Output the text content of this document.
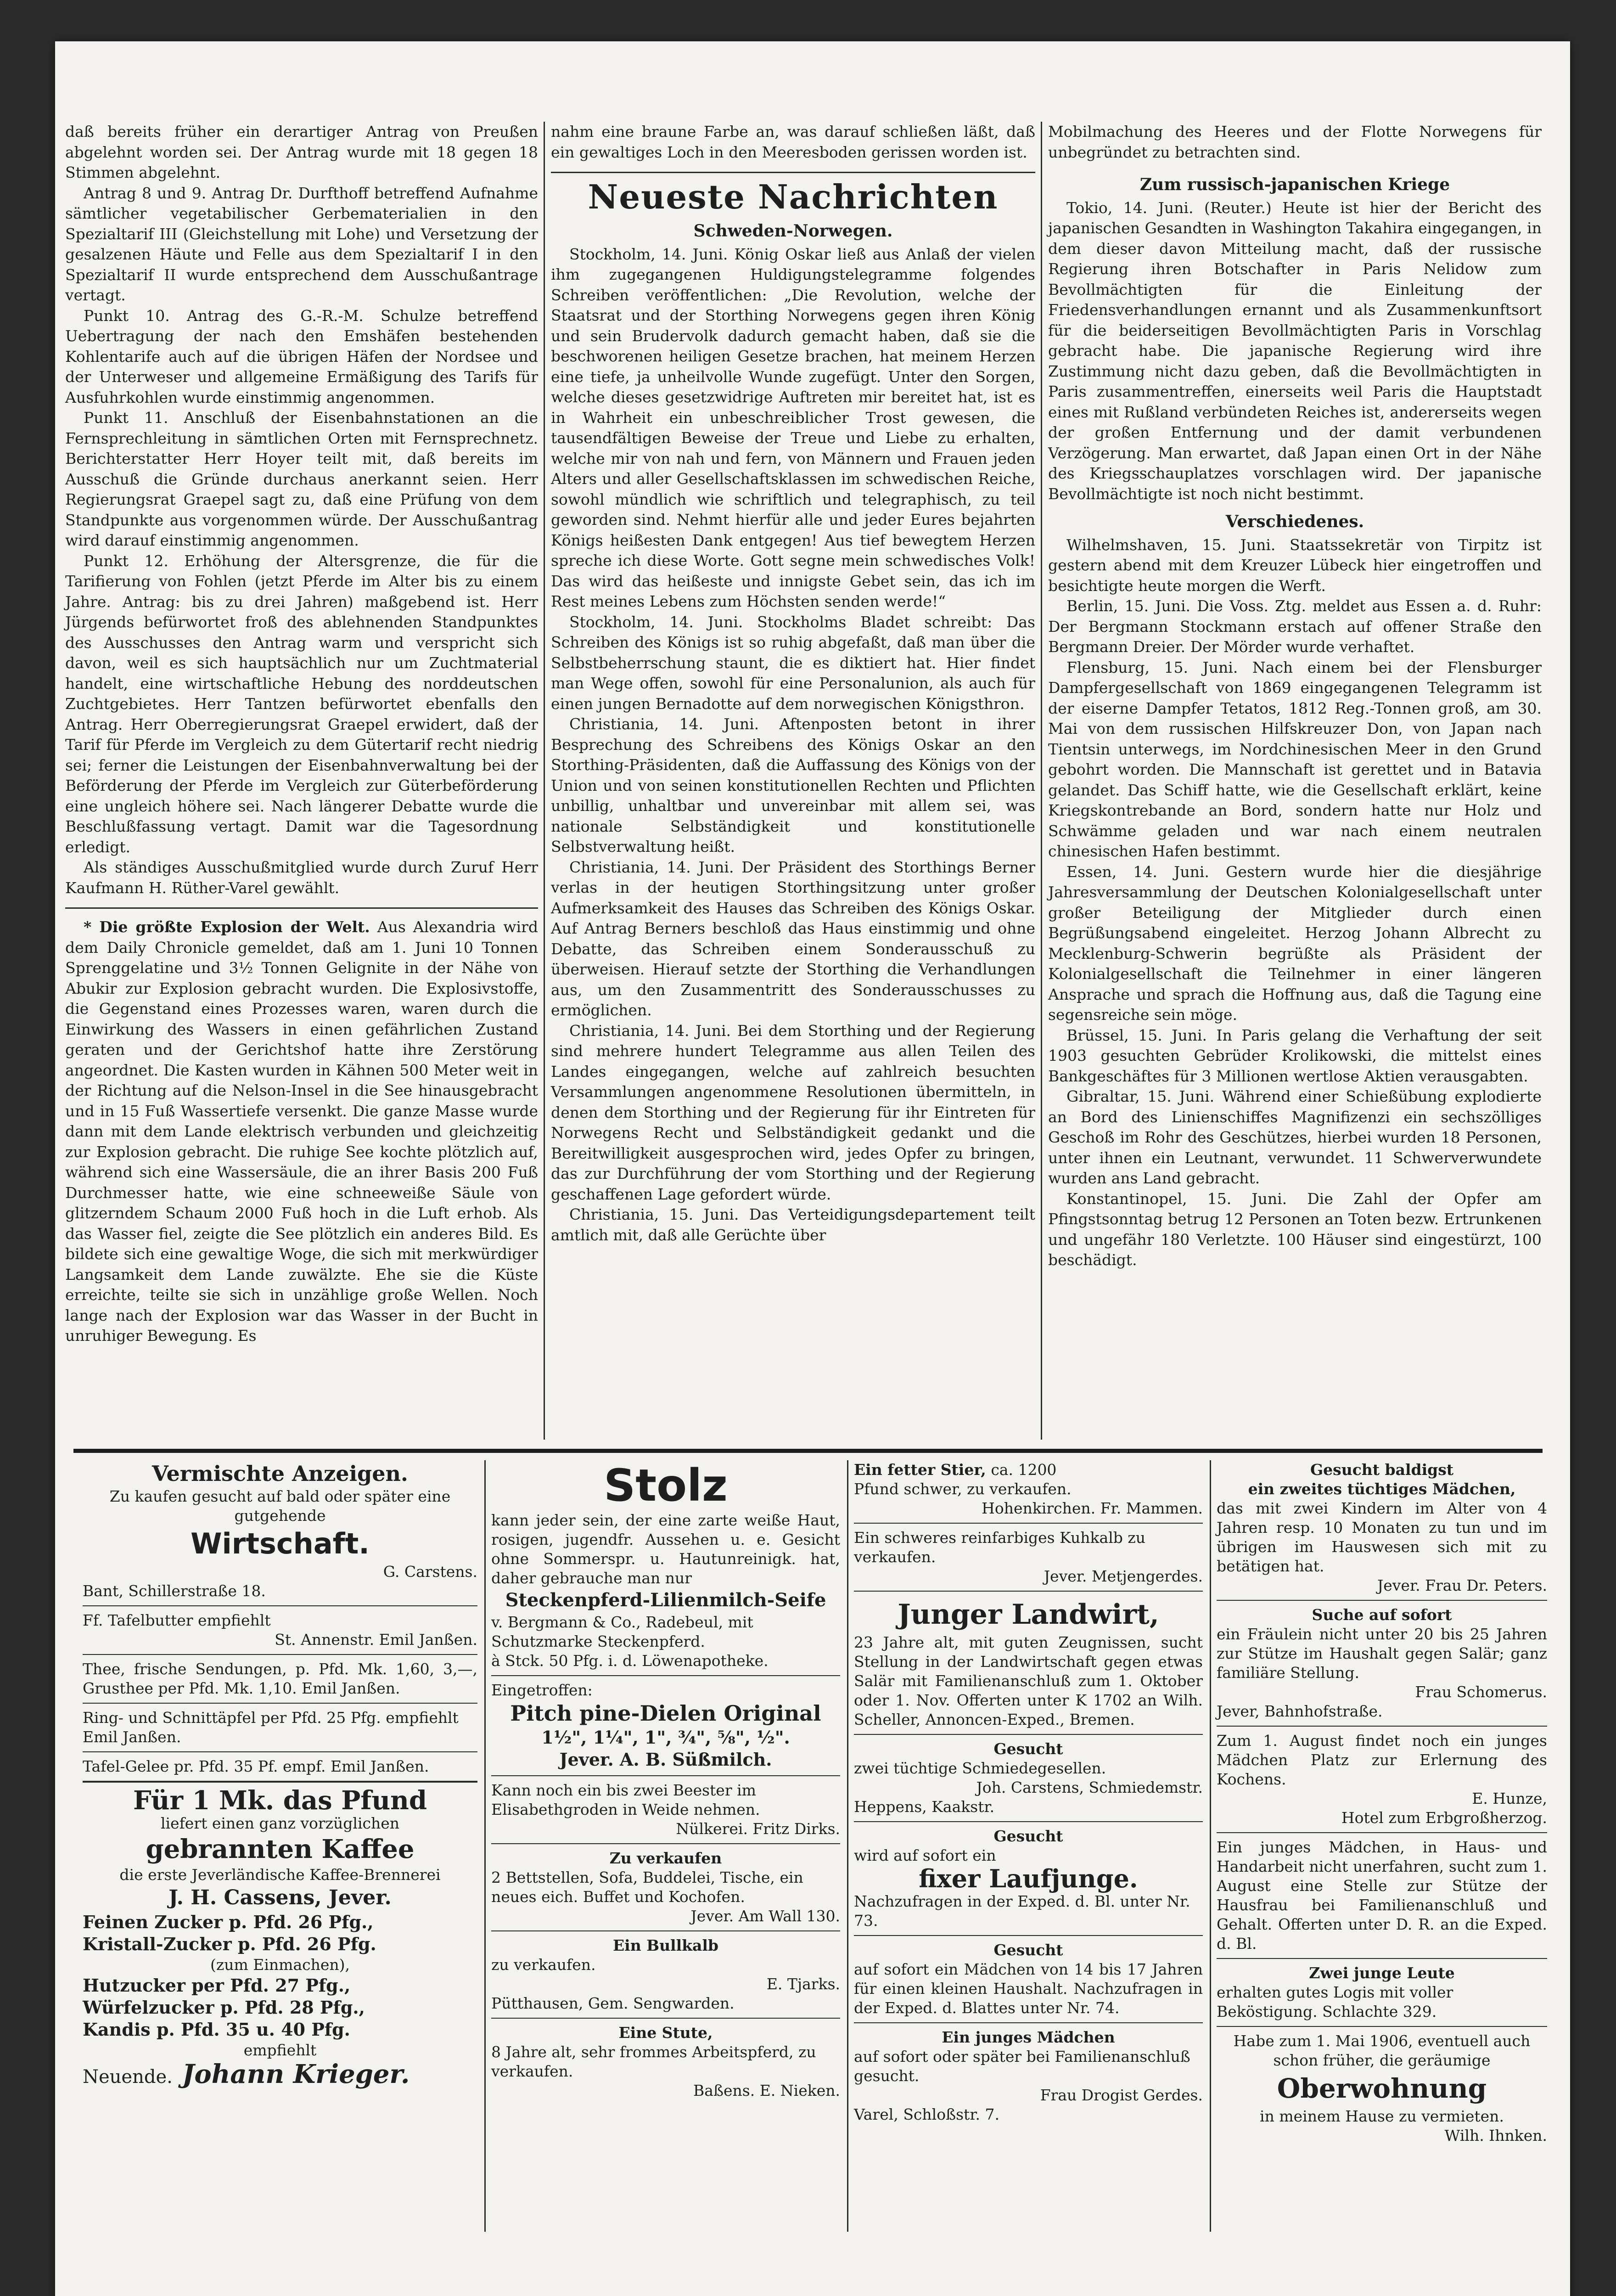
daß bereits früher ein derartiger Antrag von Preußen abgelehnt worden sei. Der Antrag wurde mit 18 gegen 18 Stimmen abgelehnt.

Antrag 8 und 9. Antrag Dr. Durfthoff betreffend Aufnahme sämtlicher vegetabilischer Gerbematerialien in den Spezialtarif III (Gleichstellung mit Lohe) und Versetzung der gesalzenen Häute und Felle aus dem Spezialtarif I in den Spezialtarif II wurde entsprechend dem Ausschußantrage vertagt.

Punkt 10. Antrag des G.-R.-M. Schulze betreffend Uebertragung der nach den Emshäfen bestehenden Kohlentarife auch auf die übrigen Häfen der Nordsee und der Unterweser und allgemeine Ermäßigung des Tarifs für Ausfuhrkohlen wurde einstimmig angenommen.

Punkt 11. Anschluß der Eisenbahnstationen an die Fernsprechleitung in sämtlichen Orten mit Fernsprechnetz. Berichterstatter Herr Hoyer teilt mit, daß bereits im Ausschuß die Gründe durchaus anerkannt seien. Herr Regierungsrat Graepel sagt zu, daß eine Prüfung von dem Standpunkte aus vorgenommen würde. Der Ausschußantrag wird darauf einstimmig angenommen.

Punkt 12. Erhöhung der Altersgrenze, die für die Tarifierung von Fohlen (jetzt Pferde im Alter bis zu einem Jahre. Antrag: bis zu drei Jahren) maßgebend ist. Herr Jürgends befürwortet froß des ablehnenden Standpunktes des Ausschusses den Antrag warm und verspricht sich davon, weil es sich hauptsächlich nur um Zuchtmaterial handelt, eine wirtschaftliche Hebung des norddeutschen Zuchtgebietes. Herr Tantzen befürwortet ebenfalls den Antrag. Herr Oberregierungsrat Graepel erwidert, daß der Tarif für Pferde im Vergleich zu dem Gütertarif recht niedrig sei; ferner die Leistungen der Eisenbahnverwaltung bei der Beförderung der Pferde im Vergleich zur Güterbeförderung eine ungleich höhere sei. Nach längerer Debatte wurde die Beschlußfassung vertagt. Damit war die Tagesordnung erledigt.

Als ständiges Ausschußmitglied wurde durch Zuruf Herr Kaufmann H. Rüther-Varel gewählt.

* Die größte Explosion der Welt. Aus Alexandria wird dem Daily Chronicle gemeldet, daß am 1. Juni 10 Tonnen Sprenggelatine und 3½ Tonnen Gelignite in der Nähe von Abukir zur Explosion gebracht wurden. Die Explosivstoffe, die Gegenstand eines Prozesses waren, waren durch die Einwirkung des Wassers in einen gefährlichen Zustand geraten und der Gerichtshof hatte ihre Zerstörung angeordnet. Die Kasten wurden in Kähnen 500 Meter weit in der Richtung auf die Nelson-Insel in die See hinausgebracht und in 15 Fuß Wassertiefe versenkt. Die ganze Masse wurde dann mit dem Lande elektrisch verbunden und gleichzeitig zur Explosion gebracht. Die ruhige See kochte plötzlich auf, während sich eine Wassersäule, die an ihrer Basis 200 Fuß Durchmesser hatte, wie eine schneeweiße Säule von glitzerndem Schaum 2000 Fuß hoch in die Luft erhob. Als das Wasser fiel, zeigte die See plötzlich ein anderes Bild. Es bildete sich eine gewaltige Woge, die sich mit merkwürdiger Langsamkeit dem Lande zuwälzte. Ehe sie die Küste erreichte, teilte sie sich in unzählige große Wellen. Noch lange nach der Explosion war das Wasser in der Bucht in unruhiger Bewegung. Es

nahm eine braune Farbe an, was darauf schließen läßt, daß ein gewaltiges Loch in den Meeresboden gerissen worden ist.

Neueste Nachrichten

Schweden-Norwegen.

Stockholm, 14. Juni. König Oskar ließ aus Anlaß der vielen ihm zugegangenen Huldigungstelegramme folgendes Schreiben veröffentlichen: „Die Revolution, welche der Staatsrat und der Storthing Norwegens gegen ihren König und sein Brudervolk dadurch gemacht haben, daß sie die beschworenen heiligen Gesetze brachen, hat meinem Herzen eine tiefe, ja unheilvolle Wunde zugefügt. Unter den Sorgen, welche dieses gesetzwidrige Auftreten mir bereitet hat, ist es in Wahrheit ein unbeschreiblicher Trost gewesen, die tausendfältigen Beweise der Treue und Liebe zu erhalten, welche mir von nah und fern, von Männern und Frauen jeden Alters und aller Gesellschaftsklassen im schwedischen Reiche, sowohl mündlich wie schriftlich und telegraphisch, zu teil geworden sind. Nehmt hierfür alle und jeder Eures bejahrten Königs heißesten Dank entgegen! Aus tief bewegtem Herzen spreche ich diese Worte. Gott segne mein schwedisches Volk! Das wird das heißeste und innigste Gebet sein, das ich im Rest meines Lebens zum Höchsten senden werde!“

Stockholm, 14. Juni. Stockholms Bladet schreibt: Das Schreiben des Königs ist so ruhig abgefaßt, daß man über die Selbstbeherrschung staunt, die es diktiert hat. Hier findet man Wege offen, sowohl für eine Personalunion, als auch für einen jungen Bernadotte auf dem norwegischen Königsthron.

Christiania, 14. Juni. Aftenposten betont in ihrer Besprechung des Schreibens des Königs Oskar an den Storthing-Präsidenten, daß die Auffassung des Königs von der Union und von seinen konstitutionellen Rechten und Pflichten unbillig, unhaltbar und unvereinbar mit allem sei, was nationale Selbständigkeit und konstitutionelle Selbstverwaltung heißt.

Christiania, 14. Juni. Der Präsident des Storthings Berner verlas in der heutigen Storthingsitzung unter großer Aufmerksamkeit des Hauses das Schreiben des Königs Oskar. Auf Antrag Berners beschloß das Haus einstimmig und ohne Debatte, das Schreiben einem Sonderausschuß zu überweisen. Hierauf setzte der Storthing die Verhandlungen aus, um den Zusammentritt des Sonderausschusses zu ermöglichen.

Christiania, 14. Juni. Bei dem Storthing und der Regierung sind mehrere hundert Telegramme aus allen Teilen des Landes eingegangen, welche auf zahlreich besuchten Versammlungen angenommene Resolutionen übermitteln, in denen dem Storthing und der Regierung für ihr Eintreten für Norwegens Recht und Selbständigkeit gedankt und die Bereitwilligkeit ausgesprochen wird, jedes Opfer zu bringen, das zur Durchführung der vom Storthing und der Regierung geschaffenen Lage gefordert würde.

Christiania, 15. Juni. Das Verteidigungsdepartement teilt amtlich mit, daß alle Gerüchte über

Mobilmachung des Heeres und der Flotte Norwegens für unbegründet zu betrachten sind.

Zum russisch-japanischen Kriege

Tokio, 14. Juni. (Reuter.) Heute ist hier der Bericht des japanischen Gesandten in Washington Takahira eingegangen, in dem dieser davon Mitteilung macht, daß der russische Regierung ihren Botschafter in Paris Nelidow zum Bevollmächtigten für die Einleitung der Friedensverhandlungen ernannt und als Zusammenkunftsort für die beiderseitigen Bevollmächtigten Paris in Vorschlag gebracht habe. Die japanische Regierung wird ihre Zustimmung nicht dazu geben, daß die Bevollmächtigten in Paris zusammentreffen, einerseits weil Paris die Hauptstadt eines mit Rußland verbündeten Reiches ist, andererseits wegen der großen Entfernung und der damit verbundenen Verzögerung. Man erwartet, daß Japan einen Ort in der Nähe des Kriegsschauplatzes vorschlagen wird. Der japanische Bevollmächtigte ist noch nicht bestimmt.

Verschiedenes.

Wilhelmshaven, 15. Juni. Staatssekretär von Tirpitz ist gestern abend mit dem Kreuzer Lübeck hier eingetroffen und besichtigte heute morgen die Werft.

Berlin, 15. Juni. Die Voss. Ztg. meldet aus Essen a. d. Ruhr: Der Bergmann Stockmann erstach auf offener Straße den Bergmann Dreier. Der Mörder wurde verhaftet.

Flensburg, 15. Juni. Nach einem bei der Flensburger Dampfergesellschaft von 1869 eingegangenen Telegramm ist der eiserne Dampfer Tetatos, 1812 Reg.-Tonnen groß, am 30. Mai von dem russischen Hilfskreuzer Don, von Japan nach Tientsin unterwegs, im Nordchinesischen Meer in den Grund gebohrt worden. Die Mannschaft ist gerettet und in Batavia gelandet. Das Schiff hatte, wie die Gesellschaft erklärt, keine Kriegskontrebande an Bord, sondern hatte nur Holz und Schwämme geladen und war nach einem neutralen chinesischen Hafen bestimmt.

Essen, 14. Juni. Gestern wurde hier die diesjährige Jahresversammlung der Deutschen Kolonialgesellschaft unter großer Beteiligung der Mitglieder durch einen Begrüßungsabend eingeleitet. Herzog Johann Albrecht zu Mecklenburg-Schwerin begrüßte als Präsident der Kolonialgesellschaft die Teilnehmer in einer längeren Ansprache und sprach die Hoffnung aus, daß die Tagung eine segensreiche sein möge.

Brüssel, 15. Juni. In Paris gelang die Verhaftung der seit 1903 gesuchten Gebrüder Krolikowski, die mittelst eines Bankgeschäftes für 3 Millionen wertlose Aktien verausgabten.

Gibraltar, 15. Juni. Während einer Schießübung explodierte an Bord des Linienschiffes Magnifizenzi ein sechszölliges Geschoß im Rohr des Geschützes, hierbei wurden 18 Personen, unter ihnen ein Leutnant, verwundet. 11 Schwerverwundete wurden ans Land gebracht.

Konstantinopel, 15. Juni. Die Zahl der Opfer am Pfingstsonntag betrug 12 Personen an Toten bezw. Ertrunkenen und ungefähr 180 Verletzte. 100 Häuser sind eingestürzt, 100 beschädigt.

Vermischte Anzeigen.

Zu kaufen gesucht auf bald oder später eine gutgehende

Wirtschaft.

G. Carstens.

Bant, Schillerstraße 18.

Ff. Tafelbutter empfiehlt

St. Annenstr. Emil Janßen.

Thee, frische Sendungen, p. Pfd. Mk. 1,60, 3,—, Grusthee per Pfd. Mk. 1,10. Emil Janßen.

Ring- und Schnittäpfel per Pfd. 25 Pfg. empfiehlt Emil Janßen.

Tafel-Gelee pr. Pfd. 35 Pf. empf. Emil Janßen.

Für 1 Mk. das Pfund

liefert einen ganz vorzüglichen

gebrannten Kaffee

die erste Jeverländische Kaffee-Brennerei

J. H. Cassens, Jever.

Feinen Zucker p. Pfd. 26 Pfg.,

Kristall-Zucker p. Pfd. 26 Pfg.

(zum Einmachen),

Hutzucker per Pfd. 27 Pfg.,

Würfelzucker p. Pfd. 28 Pfg.,

Kandis p. Pfd. 35 u. 40 Pfg.

empfiehlt

Neuende. Johann Krieger.

Stolz

kann jeder sein, der eine zarte weiße Haut, rosigen, jugendfr. Aussehen u. e. Gesicht ohne Sommerspr. u. Hautunreinigk. hat, daher gebrauche man nur

Steckenpferd-Lilienmilch-Seife

v. Bergmann & Co., Radebeul, mit Schutzmarke Steckenpferd.

à Stck. 50 Pfg. i. d. Löwenapotheke.

Eingetroffen:

Pitch pine-Dielen Original

1½", 1¼", 1", ¾", ⅝", ½".

Jever. A. B. Süßmilch.

Kann noch ein bis zwei Beester im Elisabethgroden in Weide nehmen.

Nülkerei. Fritz Dirks.

Zu verkaufen

2 Bettstellen, Sofa, Buddelei, Tische, ein neues eich. Buffet und Kochofen.

Jever. Am Wall 130.

Ein Bullkalb

zu verkaufen.

E. Tjarks.

Pütthausen, Gem. Sengwarden.

Eine Stute,

8 Jahre alt, sehr frommes Arbeitspferd, zu verkaufen.

Baßens. E. Nieken.

Ein fetter Stier, ca. 1200

Pfund schwer, zu verkaufen.

Hohenkirchen. Fr. Mammen.

Ein schweres reinfarbiges Kuhkalb zu verkaufen.

Jever. Metjengerdes.

Junger Landwirt,

23 Jahre alt, mit guten Zeugnissen, sucht Stellung in der Landwirtschaft gegen etwas Salär mit Familienanschluß zum 1. Oktober oder 1. Nov. Offerten unter K 1702 an Wilh. Scheller, Annoncen-Exped., Bremen.

Gesucht

zwei tüchtige Schmiedegesellen.

Joh. Carstens, Schmiedemstr.

Heppens, Kaakstr.

Gesucht

wird auf sofort ein

fixer Laufjunge.

Nachzufragen in der Exped. d. Bl. unter Nr. 73.

Gesucht

auf sofort ein Mädchen von 14 bis 17 Jahren für einen kleinen Haushalt. Nachzufragen in der Exped. d. Blattes unter Nr. 74.

Ein junges Mädchen

auf sofort oder später bei Familienanschluß gesucht.

Frau Drogist Gerdes.

Varel, Schloßstr. 7.

Gesucht baldigst

ein zweites tüchtiges Mädchen,

das mit zwei Kindern im Alter von 4 Jahren resp. 10 Monaten zu tun und im übrigen im Hauswesen sich mit zu betätigen hat.

Jever. Frau Dr. Peters.

Suche auf sofort

ein Fräulein nicht unter 20 bis 25 Jahren zur Stütze im Haushalt gegen Salär; ganz familiäre Stellung.

Frau Schomerus.

Jever, Bahnhofstraße.

Zum 1. August findet noch ein junges Mädchen Platz zur Erlernung des Kochens.

E. Hunze,

Hotel zum Erbgroßherzog.

Ein junges Mädchen, in Haus- und Handarbeit nicht unerfahren, sucht zum 1. August eine Stelle zur Stütze der Hausfrau bei Familienanschluß und Gehalt. Offerten unter D. R. an die Exped. d. Bl.

Zwei junge Leute

erhalten gutes Logis mit voller Beköstigung. Schlachte 329.

Habe zum 1. Mai 1906, eventuell auch schon früher, die geräumige

Oberwohnung

in meinem Hause zu vermieten.

Wilh. Ihnken.
